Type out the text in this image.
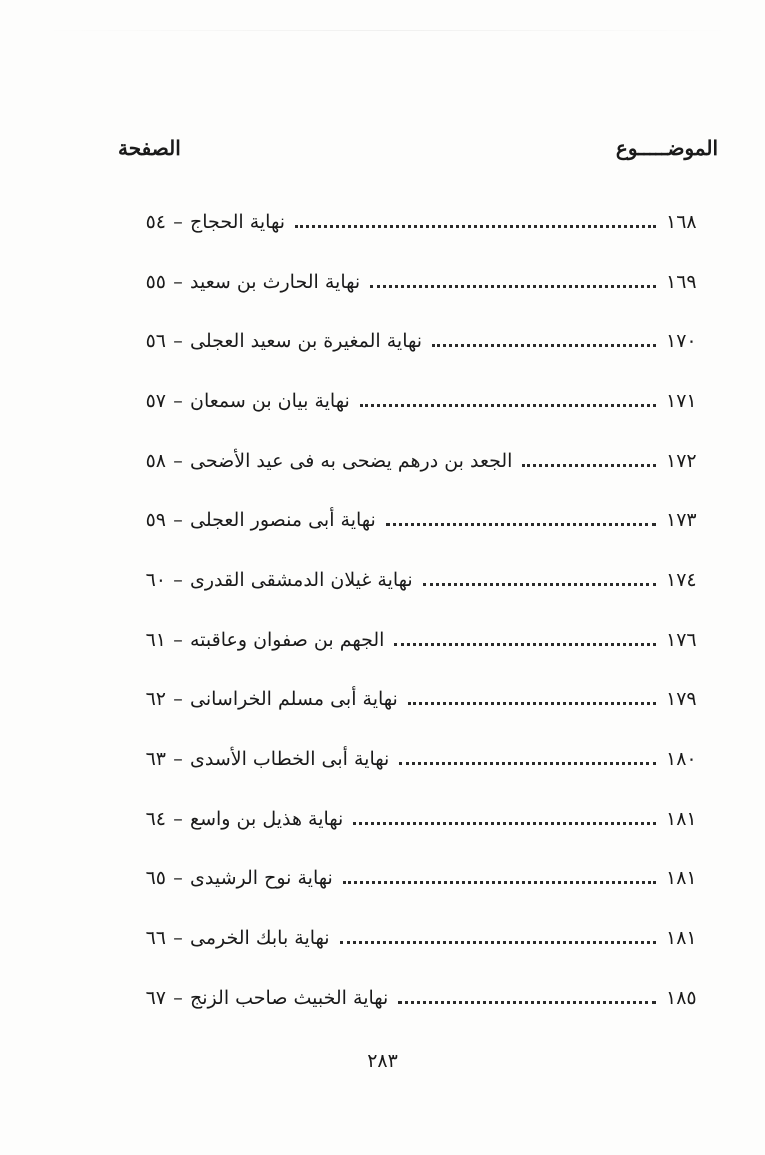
الصفحة	الموضـــــوع
٥٤ – نهاية الحجاج	١٦٨
٥٥ – نهاية الحارث بن سعيد	١٦٩
٥٦ – نهاية المغيرة بن سعيد العجلى	١٧٠
٥٧ – نهاية بيان بن سمعان	١٧١
٥٨ – الجعد بن درهم يضحى به فى عيد الأضحى	١٧٢
٥٩ – نهاية أبى منصور العجلى	١٧٣
٦٠ – نهاية غيلان الدمشقى القدرى	١٧٤
٦١ – الجهم بن صفوان وعاقبته	١٧٦
٦٢ – نهاية أبى مسلم الخراسانى	١٧٩
٦٣ – نهاية أبى الخطاب الأسدى	١٨٠
٦٤ – نهاية هذيل بن واسع	١٨١
٦٥ – نهاية نوح الرشيدى	١٨١
٦٦ – نهاية بابك الخرمى	١٨١
٦٧ – نهاية الخبيث صاحب الزنج	١٨٥
٢٨٣
